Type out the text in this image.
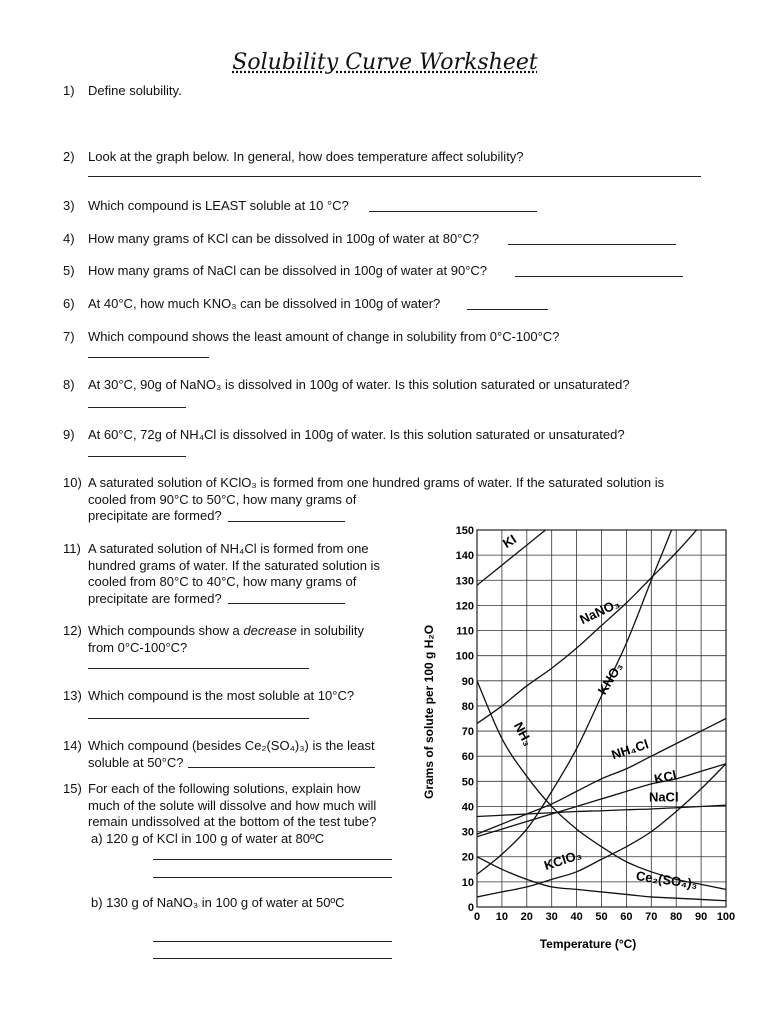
Solubility Curve Worksheet
1) Define solubility.
2) Look at the graph below. In general, how does temperature affect solubility?
3) Which compound is LEAST soluble at 10 °C?
4) How many grams of KCl can be dissolved in 100g of water at 80°C?
5) How many grams of NaCl can be dissolved in 100g of water at 90°C?
6) At 40°C, how much KNO₃ can be dissolved in 100g of water?
7) Which compound shows the least amount of change in solubility from 0°C-100°C?
8) At 30°C, 90g of NaNO₃ is dissolved in 100g of water. Is this solution saturated or unsaturated?
9) At 60°C, 72g of NH₄Cl is dissolved in 100g of water. Is this solution saturated or unsaturated?
10) A saturated solution of KClO₃ is formed from one hundred grams of water. If the saturated solution is
cooled from 90°C to 50°C, how many grams of
precipitate are formed?
11) A saturated solution of NH₄Cl is formed from one
hundred grams of water. If the saturated solution is
cooled from 80°C to 40°C, how many grams of
precipitate are formed?
12) Which compounds show a decrease in solubility
from 0°C-100°C?
13) Which compound is the most soluble at 10°C?
14) Which compound (besides Ce₂(SO₄)₃) is the least
soluble at 50°C?
15) For each of the following solutions, explain how
much of the solute will dissolve and how much will
remain undissolved at the bottom of the test tube?
a) 120 g of KCl in 100 g of water at 80ºC
b) 130 g of NaNO₃ in 100 g of water at 50ºC
0 10 20 30 40 50 60 70 80 90 100
0
10
20
30
40
50
60
70
80
90
100
110
120
130
140
150
KI
NaNO₃
KNO₃
NH₃
NH₄Cl
KCl
NaCl
KClO₃
Ce₂(SO₄)₃
Grams of solute per 100 g H₂O
Temperature (°C)
